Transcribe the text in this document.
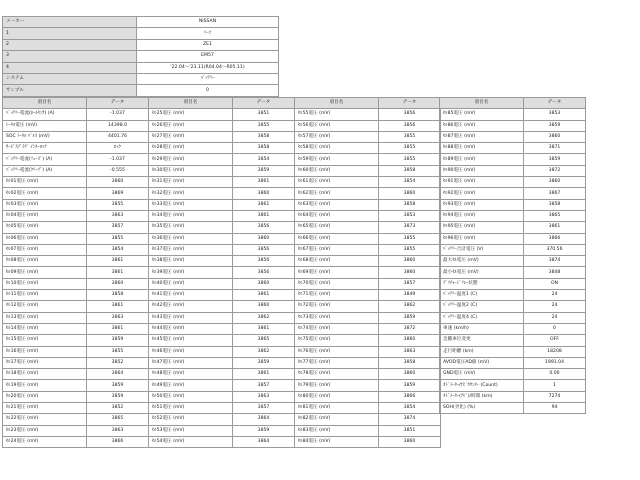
メーカー	NISSAN
1	ﾘｰﾌ
2	ZE1
3	EM57
4	'22.04〜'23.11(R04.04〜R05.11)
システム	ﾊﾞｯﾃﾘｰ
サンプル	0
項目名	データ
ﾊﾞｯﾃﾘｰ電流(ﾎｰﾙｾﾝｻ) (A)	-1.037
ﾄｰﾀﾙ電圧 (mV)	14398.0
SOC ﾄｰﾀﾙ ﾊﾞﾙｽ (mV)	4401.76
ｻｰﾋﾞｽﾌﾟﾗｸﾞ ｲﾝﾀｰﾛｯｸ	ﾛｯｸ
ﾊﾞｯﾃﾘｰ電流(ﾘｭｰｽﾞ) (A)	-1.037
ﾊﾞｯﾃﾘｰ電流(ｸﾘｰﾌﾟ) (A)	-0.555
ｾﾙ01電圧 (mV)	3860
ｾﾙ02電圧 (mV)	3869
ｾﾙ03電圧 (mV)	3855
ｾﾙ04電圧 (mV)	3863
ｾﾙ05電圧 (mV)	3857
ｾﾙ06電圧 (mV)	3855
ｾﾙ07電圧 (mV)	3854
ｾﾙ08電圧 (mV)	3861
ｾﾙ09電圧 (mV)	3861
ｾﾙ10電圧 (mV)	3860
ｾﾙ11電圧 (mV)	3858
ｾﾙ12電圧 (mV)	3861
ｾﾙ13電圧 (mV)	3863
ｾﾙ14電圧 (mV)	3861
ｾﾙ15電圧 (mV)	3859
ｾﾙ16電圧 (mV)	3855
ｾﾙ17電圧 (mV)	3852
ｾﾙ18電圧 (mV)	3864
ｾﾙ19電圧 (mV)	3859
ｾﾙ20電圧 (mV)	3859
ｾﾙ21電圧 (mV)	3852
ｾﾙ22電圧 (mV)	3865
ｾﾙ23電圧 (mV)	3863
ｾﾙ24電圧 (mV)	3866
項目名	データ
ｾﾙ25電圧 (mV)	3851
ｾﾙ26電圧 (mV)	3855
ｾﾙ27電圧 (mV)	3858
ｾﾙ28電圧 (mV)	3858
ｾﾙ29電圧 (mV)	3854
ｾﾙ30電圧 (mV)	3859
ｾﾙ31電圧 (mV)	3861
ｾﾙ32電圧 (mV)	3860
ｾﾙ33電圧 (mV)	3861
ｾﾙ34電圧 (mV)	3861
ｾﾙ35電圧 (mV)	3856
ｾﾙ36電圧 (mV)	3860
ｾﾙ37電圧 (mV)	3856
ｾﾙ38電圧 (mV)	3856
ｾﾙ39電圧 (mV)	3856
ｾﾙ40電圧 (mV)	3860
ｾﾙ41電圧 (mV)	3861
ｾﾙ42電圧 (mV)	3860
ｾﾙ43電圧 (mV)	3862
ｾﾙ44電圧 (mV)	3861
ｾﾙ45電圧 (mV)	3865
ｾﾙ46電圧 (mV)	3862
ｾﾙ47電圧 (mV)	3859
ｾﾙ48電圧 (mV)	3861
ｾﾙ49電圧 (mV)	3857
ｾﾙ50電圧 (mV)	3863
ｾﾙ51電圧 (mV)	3857
ｾﾙ52電圧 (mV)	3864
ｾﾙ53電圧 (mV)	3859
ｾﾙ54電圧 (mV)	3864
項目名	データ
ｾﾙ55電圧 (mV)	3856
ｾﾙ56電圧 (mV)	3856
ｾﾙ57電圧 (mV)	3855
ｾﾙ58電圧 (mV)	3855
ｾﾙ59電圧 (mV)	3855
ｾﾙ60電圧 (mV)	3858
ｾﾙ61電圧 (mV)	3854
ｾﾙ62電圧 (mV)	3860
ｾﾙ63電圧 (mV)	3858
ｾﾙ64電圧 (mV)	3853
ｾﾙ65電圧 (mV)	3873
ｾﾙ66電圧 (mV)	3855
ｾﾙ67電圧 (mV)	3855
ｾﾙ68電圧 (mV)	3860
ｾﾙ69電圧 (mV)	3860
ｾﾙ70電圧 (mV)	3857
ｾﾙ71電圧 (mV)	3849
ｾﾙ72電圧 (mV)	3862
ｾﾙ73電圧 (mV)	3859
ｾﾙ74電圧 (mV)	3872
ｾﾙ75電圧 (mV)	3860
ｾﾙ76電圧 (mV)	3863
ｾﾙ77電圧 (mV)	3858
ｾﾙ78電圧 (mV)	3860
ｾﾙ79電圧 (mV)	3859
ｾﾙ80電圧 (mV)	3866
ｾﾙ81電圧 (mV)	3854
ｾﾙ82電圧 (mV)	3874
ｾﾙ83電圧 (mV)	3851
ｾﾙ84電圧 (mV)	3860
項目名	データ
ｾﾙ85電圧 (mV)	3853
ｾﾙ86電圧 (mV)	3859
ｾﾙ87電圧 (mV)	3860
ｾﾙ88電圧 (mV)	3871
ｾﾙ89電圧 (mV)	3859
ｾﾙ90電圧 (mV)	3872
ｾﾙ91電圧 (mV)	3860
ｾﾙ92電圧 (mV)	3867
ｾﾙ93電圧 (mV)	3858
ｾﾙ94電圧 (mV)	3865
ｾﾙ95電圧 (mV)	3861
ｾﾙ96電圧 (mV)	3866
ﾊﾞｯﾃﾘｰ合計電圧 (V)	370.56
最大ｾﾙ電圧 (mV)	3874
最小ｾﾙ電圧 (mV)	3848
ﾌﾟﾘﾁｬｰｼﾞﾘﾚｰ状態	ON
ﾊﾞｯﾃﾘｰ温度1 (C)	24
ﾊﾞｯﾃﾘｰ温度2 (C)	24
ﾊﾞｯﾃﾘｰ温度4 (C)	24
車速 (km/h)	0
急騰車位変更	OFF
走行距離 (km)	18208
AVOD電圧AD値 (mV)	1991.04
GND電圧 (mV)	0.00
ｵﾄﾞﾒｰﾀｰ/ﾅﾋﾞｶｳﾝﾀｰ (Count)	1
ｵﾄﾞﾒｰﾀｰ(ﾅﾋﾞ)/時間 (km)	7274
SOH(劣化) (%)	94
